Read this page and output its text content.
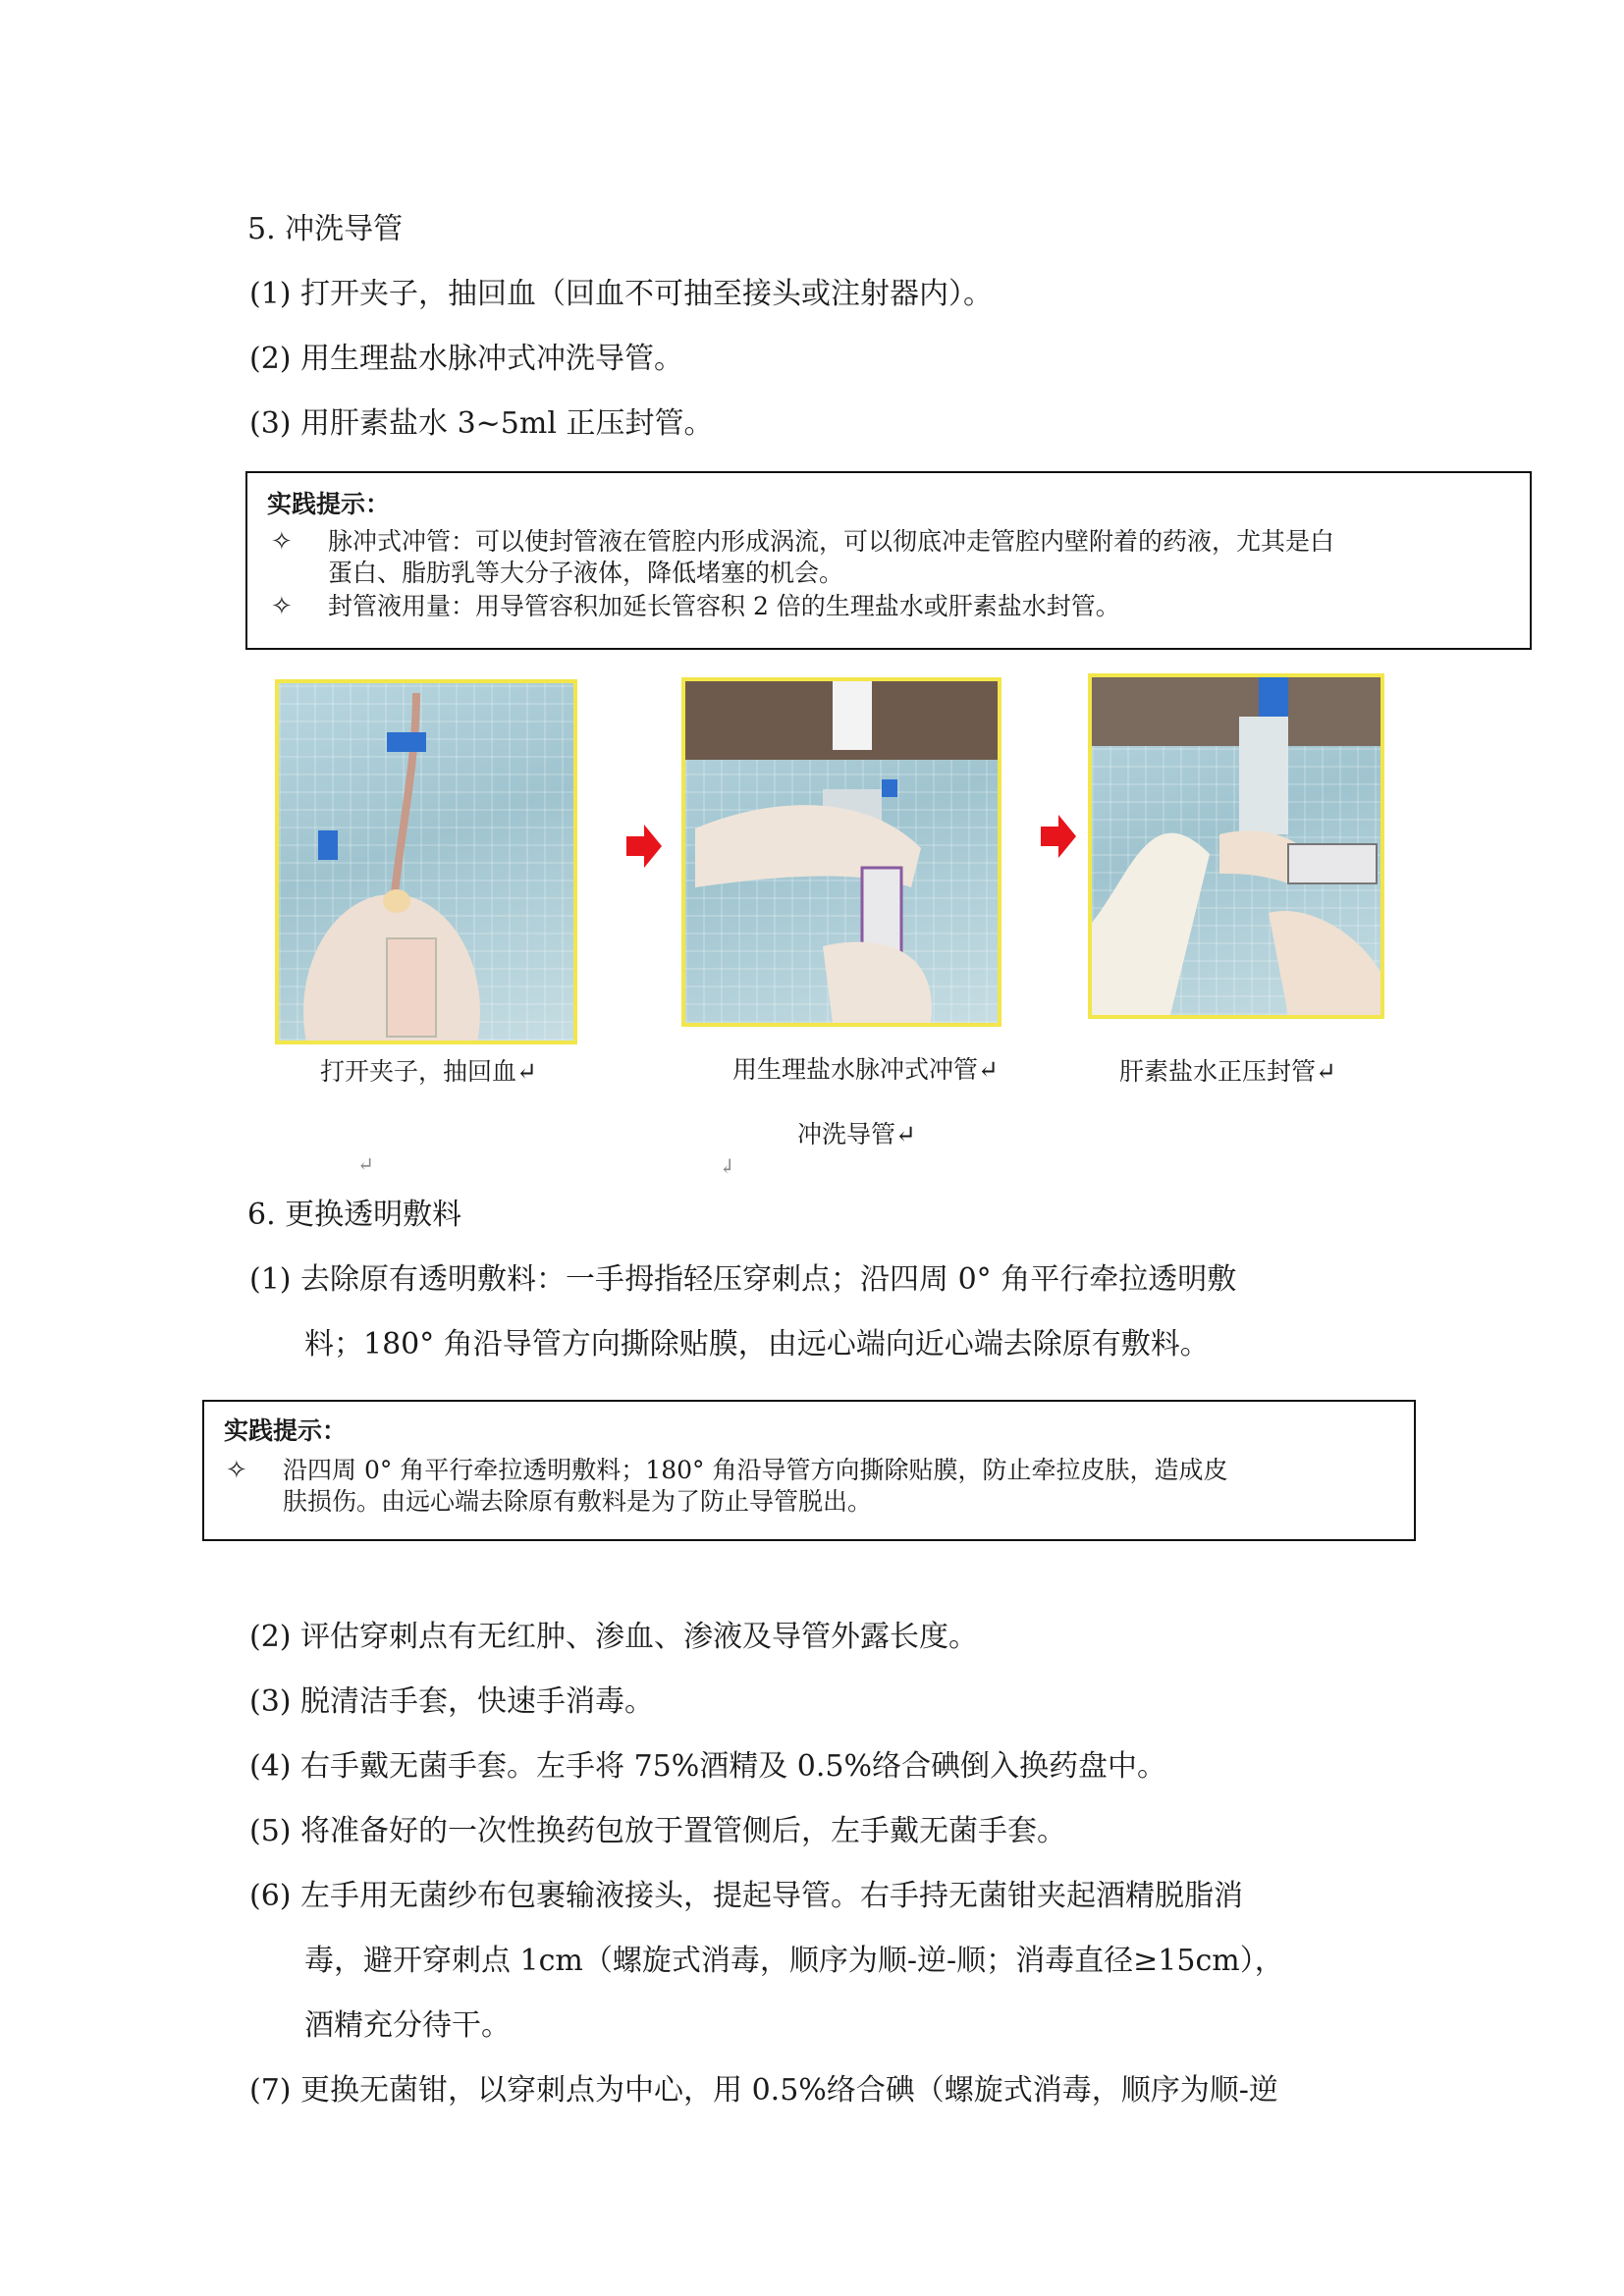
5. 冲洗导管
(1) 打开夹子，抽回血（回血不可抽至接头或注射器内）。
(2) 用生理盐水脉冲式冲洗导管。
(3) 用肝素盐水 3~5ml 正压封管。
实践提示：
✧ 脉冲式冲管：可以使封管液在管腔内形成涡流，可以彻底冲走管腔内壁附着的药液，尤其是白
蛋白、脂肪乳等大分子液体，降低堵塞的机会。
✧ 封管液用量：用导管容积加延长管容积 2 倍的生理盐水或肝素盐水封管。
打开夹子，抽回血↵	用生理盐水脉冲式冲管↵
冲洗导管↵
肝素盐水正压封管↵
↵	↲
6. 更换透明敷料
(1) 去除原有透明敷料：一手拇指轻压穿刺点；沿四周 0° 角平行牵拉透明敷
料；180° 角沿导管方向撕除贴膜，由远心端向近心端去除原有敷料。
实践提示：
✧ 沿四周 0° 角平行牵拉透明敷料；180° 角沿导管方向撕除贴膜，防止牵拉皮肤，造成皮
肤损伤。由远心端去除原有敷料是为了防止导管脱出。
(2) 评估穿刺点有无红肿、渗血、渗液及导管外露长度。
(3) 脱清洁手套，快速手消毒。
(4) 右手戴无菌手套。左手将 75%酒精及 0.5%络合碘倒入换药盘中。
(5) 将准备好的一次性换药包放于置管侧后，左手戴无菌手套。
(6) 左手用无菌纱布包裹输液接头，提起导管。右手持无菌钳夹起酒精脱脂消
毒，避开穿刺点 1cm（螺旋式消毒，顺序为顺-逆-顺；消毒直径≥15cm），
酒精充分待干。
(7) 更换无菌钳，以穿刺点为中心，用 0.5%络合碘（螺旋式消毒，顺序为顺-逆
